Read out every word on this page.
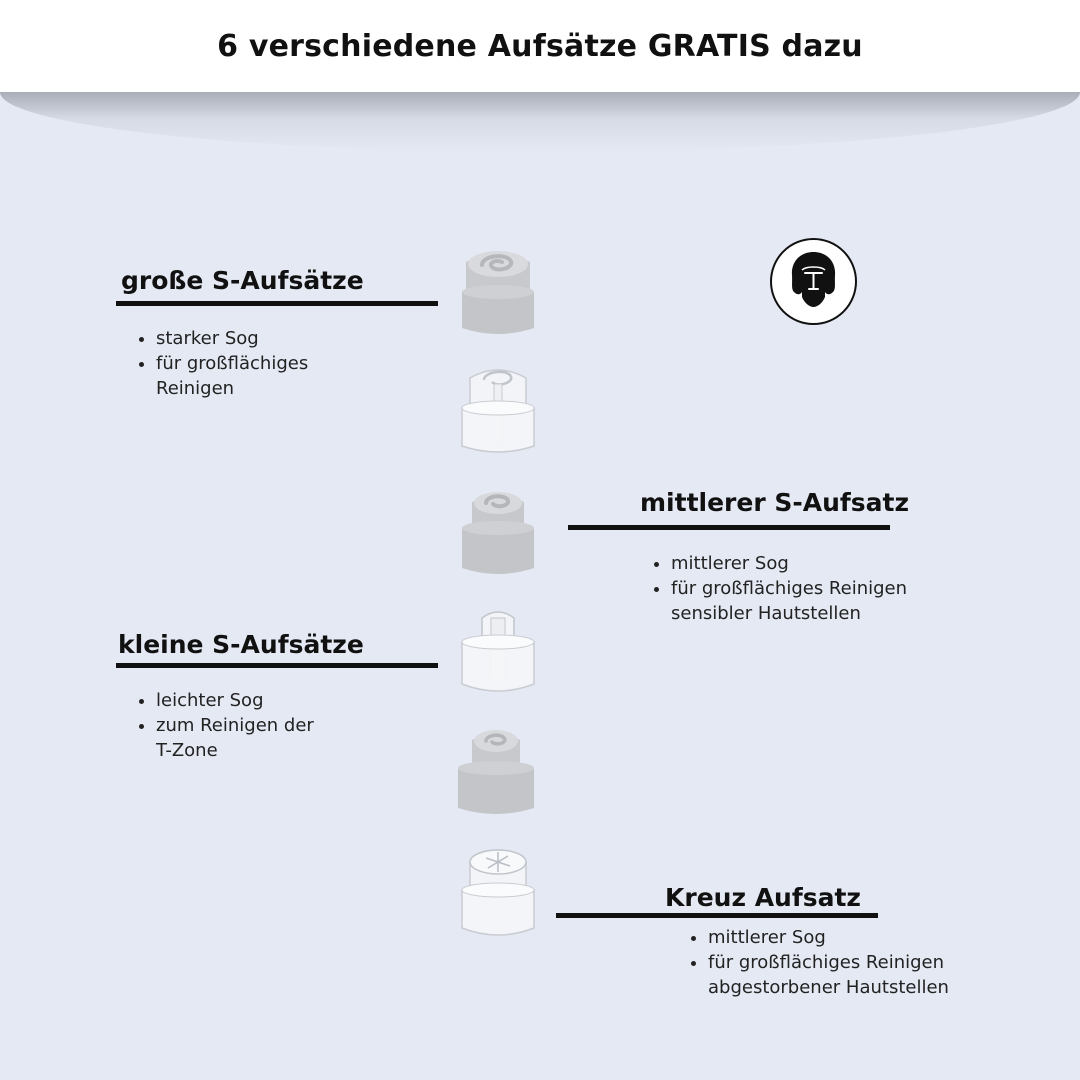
6 verschiedene Aufsätze GRATIS dazu
große S-Aufsätze
• starker Sog
• für großflächiges
Reinigen
mittlerer S-Aufsatz
• mittlerer Sog
• für großflächiges Reinigen
sensibler Hautstellen
kleine S-Aufsätze
• leichter Sog
• zum Reinigen der
T-Zone
Kreuz Aufsatz
• mittlerer Sog
• für großflächiges Reinigen
abgestorbener Hautstellen
